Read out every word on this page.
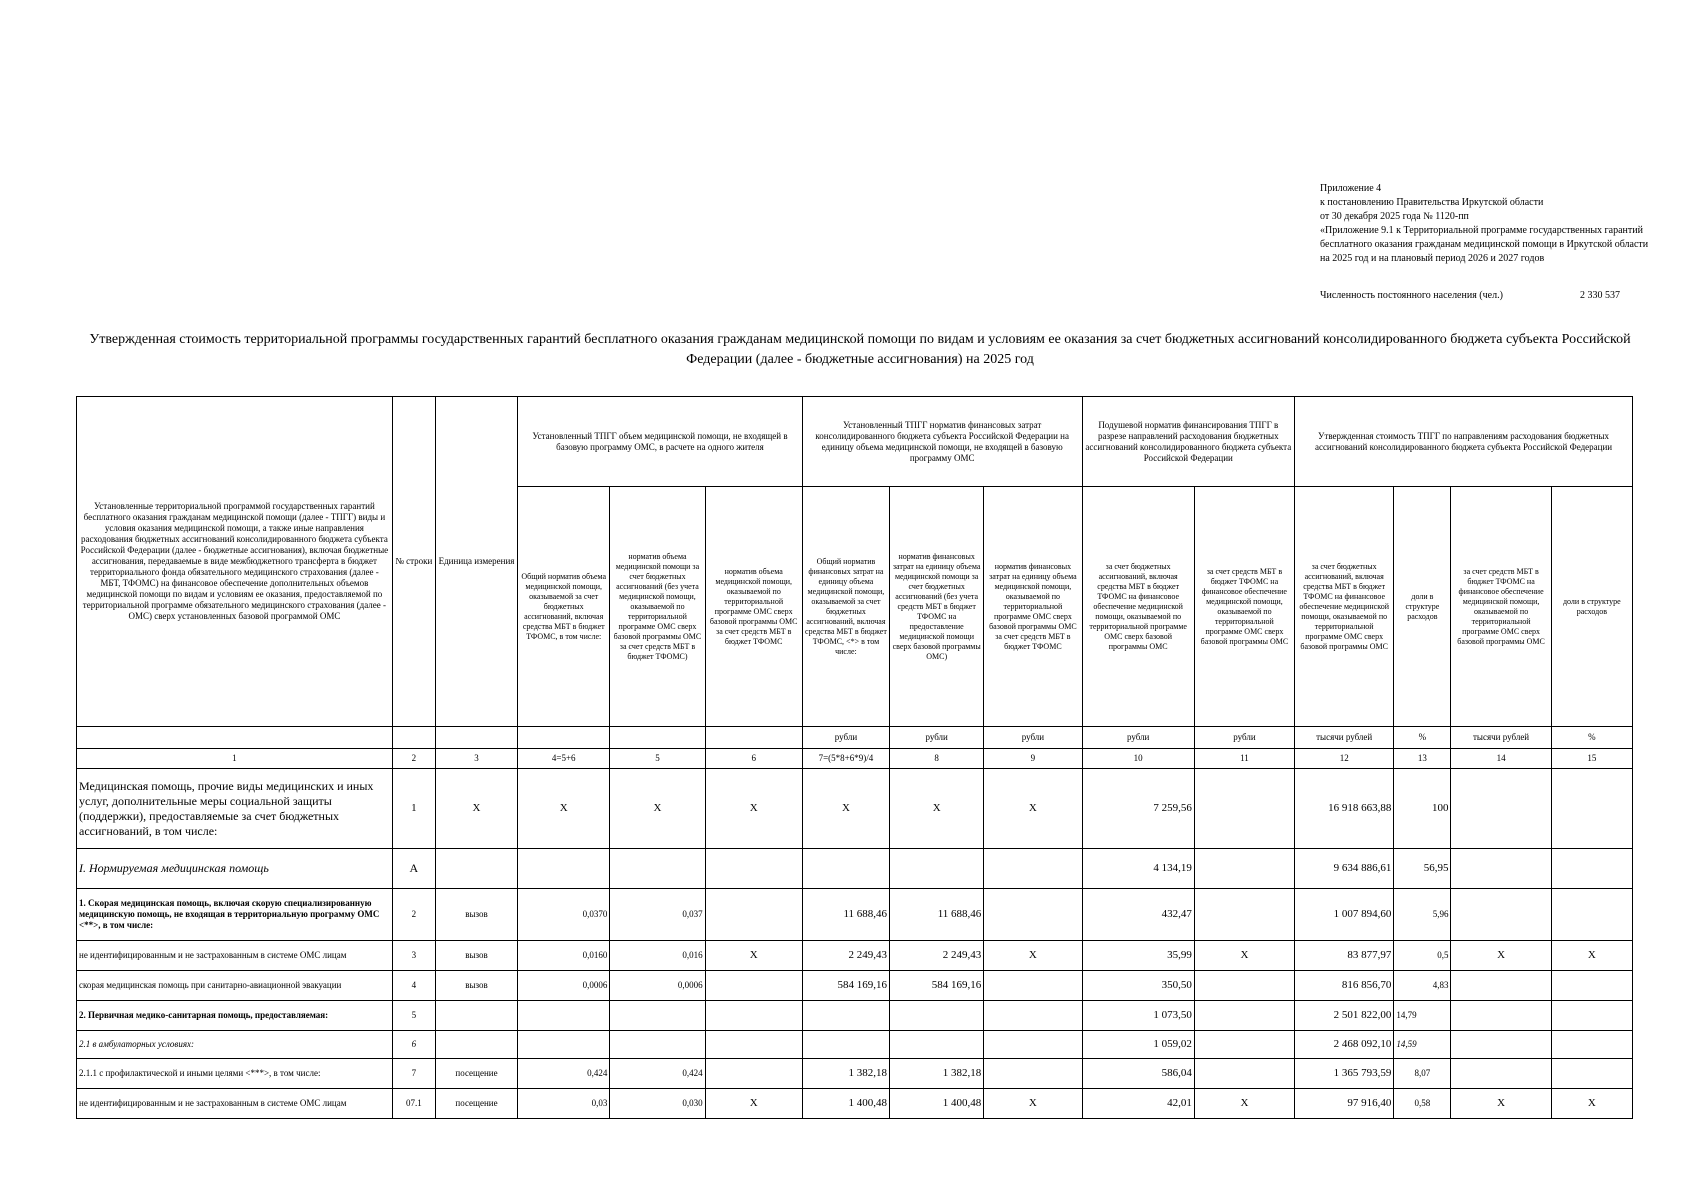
Приложение 4
к постановлению Правительства Иркутской области
от 30 декабря 2025 года № 1120-пп
«Приложение 9.1 к Территориальной программе государственных гарантий бесплатного оказания гражданам медицинской помощи в Иркутской области на 2025 год и на плановый период 2026 и 2027 годов
Численность постоянного населения (чел.)	2 330 537
Утвержденная стоимость территориальной программы государственных гарантий бесплатного оказания гражданам медицинской помощи по видам и условиям ее оказания за счет бюджетных ассигнований консолидированного бюджета субъекта Российской Федерации (далее - бюджетные ассигнования) на 2025 год
Установленные территориальной программой государственных гарантий бесплатного оказания гражданам медицинской помощи (далее - ТПГГ) виды и условия оказания медицинской помощи, а также иные направления расходования бюджетных ассигнований консолидированного бюджета субъекта Российской Федерации (далее - бюджетные ассигнования), включая бюджетные ассигнования, передаваемые в виде межбюджетного трансферта в бюджет территориального фонда обязательного медицинского страхования (далее - МБТ, ТФОМС) на финансовое обеспечение дополнительных объемов медицинской помощи по видам и условиям ее оказания, предоставляемой по территориальной программе обязательного медицинского страхования (далее - ОМС) сверх установленных базовой программой ОМС	№ строки	Единица измерения	Установленный ТПГГ объем медицинской помощи, не входящей в базовую программу ОМС, в расчете на одного жителя			Установленный ТПГГ норматив финансовых затрат консолидированного бюджета субъекта Российской Федерации на единицу объема медицинской помощи, не входящей в базовую программу ОМС			Подушевой норматив финансирования ТПГГ в разрезе направлений расходования бюджетных ассигнований консолидированного бюджета субъекта Российской Федерации		Утвержденная стоимость ТПГГ по направлениям расходования бюджетных ассигнований консолидированного бюджета субъекта Российской Федерации			
			Общий норматив объема медицинской помощи, оказываемой за счет бюджетных ассигнований, включая средства МБТ в бюджет ТФОМС, в том числе:	норматив объема медицинской помощи за счет бюджетных ассигнований (без учета медицинской помощи, оказываемой по территориальной программе ОМС сверх базовой программы ОМС за счет средств МБТ в бюджет ТФОМС)	норматив объема медицинской помощи, оказываемой по территориальной программе ОМС сверх базовой программы ОМС за счет средств МБТ в бюджет ТФОМС	Общий норматив финансовых затрат на единицу объема медицинской помощи, оказываемой за счет бюджетных ассигнований, включая средства МБТ в бюджет ТФОМС, <*> в том числе:	норматив финансовых затрат на единицу объема медицинской помощи за счет бюджетных ассигнований (без учета средств МБТ в бюджет ТФОМС на предоставление медицинской помощи сверх базовой программы ОМС)	норматив финансовых затрат на единицу объема медицинской помощи, оказываемой по территориальной программе ОМС сверх базовой программы ОМС за счет средств МБТ в бюджет ТФОМС	за счет бюджетных ассигнований, включая средства МБТ в бюджет ТФОМС на финансовое обеспечение медицинской помощи, оказываемой по территориальной программе ОМС сверх базовой программы ОМС	за счет средств МБТ в бюджет ТФОМС на финансовое обеспечение медицинской помощи, оказываемой по территориальной программе ОМС сверх базовой программы ОМС	за счет бюджетных ассигнований, включая средства МБТ в бюджет ТФОМС на финансовое обеспечение медицинской помощи, оказываемой по территориальной программе ОМС сверх базовой программы ОМС	доли в структуре расходов	за счет средств МБТ в бюджет ТФОМС на финансовое обеспечение медицинской помощи, оказываемой по территориальной программе ОМС сверх базовой программы ОМС	доли в структуре расходов
						рубли	рубли	рубли	рубли	рубли	тысячи рублей	%	тысячи рублей	%
1	2	3	4=5+6	5	6	7=(5*8+6*9)/4	8	9	10	11	12	13	14	15
Медицинская помощь, прочие виды медицинских и иных услуг, дополнительные меры социальной защиты (поддержки), предоставляемые за счет бюджетных ассигнований, в том числе:	1	X	X	X	X	X	X	X	7 259,56		16 918 663,88	100		
I. Нормируемая медицинская помощь	А								4 134,19		9 634 886,61	56,95		
1. Скорая медицинская помощь, включая скорую специализированную медицинскую помощь, не входящая в территориальную программу ОМС <**>, в том числе:	2	вызов	0,0370	0,037		11 688,46	11 688,46		432,47		1 007 894,60	5,96		
не идентифицированным и не застрахованным в системе ОМС лицам	3	вызов	0,0160	0,016	X	2 249,43	2 249,43	X	35,99	X	83 877,97	0,5	X	X
скорая медицинская помощь при санитарно-авиационной эвакуации	4	вызов	0,0006	0,0006		584 169,16	584 169,16		350,50		816 856,70	4,83		
2. Первичная медико-санитарная помощь, предоставляемая:	5								1 073,50		2 501 822,00	14,79		
2.1 в амбулаторных условиях:	6								1 059,02		2 468 092,10	14,59		
2.1.1 с профилактической и иными целями <***>, в том числе:	7	посещение	0,424	0,424		1 382,18	1 382,18		586,04		1 365 793,59	8,07		
не идентифицированным и не застрахованным в системе ОМС лицам	07.1	посещение	0,03	0,030	X	1 400,48	1 400,48	X	42,01	X	97 916,40	0,58	X	X
